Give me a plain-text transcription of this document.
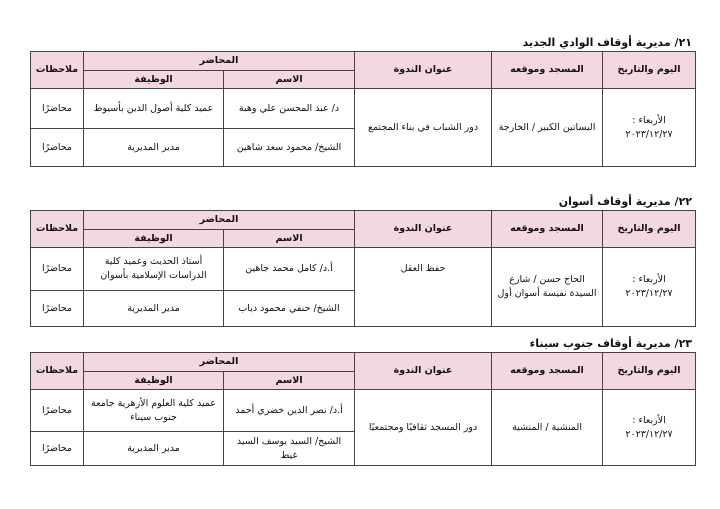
٢١/ مديرية أوقاف الوادي الجديد
اليوم والتاريخ	المسجد وموقعه	عنوان الندوة	المحاضر		ملاحظات
			الاسم	الوظيفة	

الأربعاء :
٢٠٢٣/١٢/٢٧	البساتين الكبير / الخارجة	دور الشباب في بناء المجتمع	د/ عبد المحسن علي وهبة	عميد كلية أصول الدين بأسيوط	محاضرًا
			الشيخ/ محمود سعد شاهين	مدير المديرية	محاضرًا
٢٢/ مديرية أوقاف أسوان
اليوم والتاريخ	المسجد وموقعه	عنوان الندوة	المحاضر		ملاحظات
			الاسم	الوظيفة	

الأربعاء :
٢٠٢٣/١٢/٢٧	الحاج حسن / شارع
السيدة نفيسة أسوان أول	حفظ العقل	أ.د/ كامل محمد جاهين	أستاذ الحديث وعميد كلية
الدراسات الإسلامية بأسوان	محاضرًا
			الشيخ/ حنفي محمود دياب	مدير المديرية	محاضرًا
٢٣/ مديرية أوقاف جنوب سيناء
اليوم والتاريخ	المسجد وموقعه	عنوان الندوة	المحاضر		ملاحظات
			الاسم	الوظيفة	

الأربعاء :
٢٠٢٣/١٢/٢٧	المنشية / المنشية	دور المسجد ثقافيًا ومجتمعيًا	أ.د/ نصر الدين خضري أحمد	عميد كلية العلوم الأزهرية جامعة
جنوب سيناء	محاضرًا
			الشيخ/ السيد يوسف السيد غيط	مدير المديرية	محاضرًا
